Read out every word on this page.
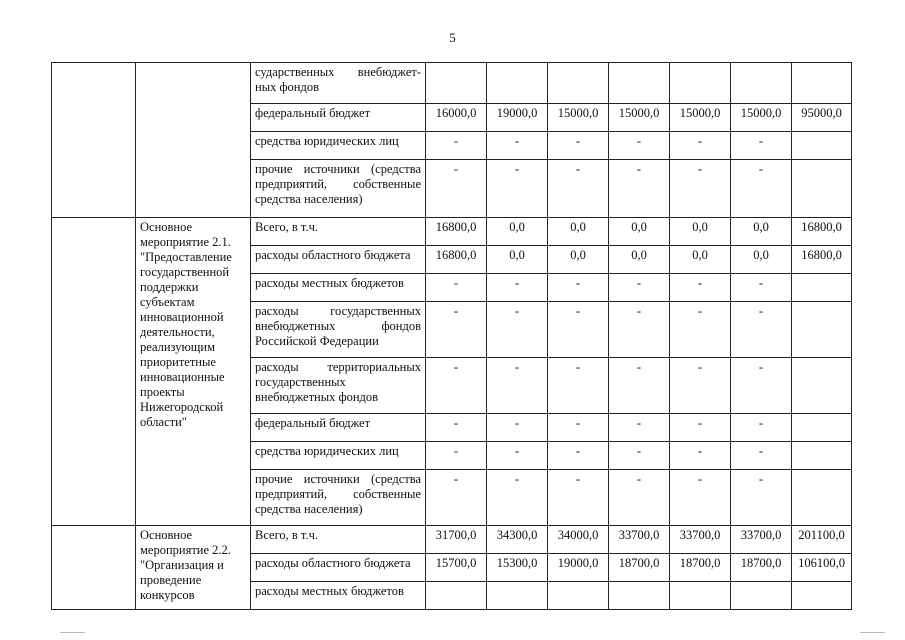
5
		сударственных внебюджет-ных фондов							
		федеральный бюджет	16000,0	19000,0	15000,0	15000,0	15000,0	15000,0	95000,0
		средства юридических лиц	-	-	-	-	-	-	
		прочие источники (средства предприятий, собственные средства населения)	-	-	-	-	-	-	
	Основное мероприятие 2.1. "Предоставление государственной поддержки субъектам инновационной деятельности, реализующим приоритетные инновационные проекты Нижегородской области"	Всего, в т.ч.	16800,0	0,0	0,0	0,0	0,0	0,0	16800,0
		расходы областного бюджета	16800,0	0,0	0,0	0,0	0,0	0,0	16800,0
		расходы местных бюджетов	-	-	-	-	-	-	
		расходы государственных внебюджетных фондов Российской Федерации	-	-	-	-	-	-	
		расходы территориальных государственных внебюджетных фондов	-	-	-	-	-	-	
		федеральный бюджет	-	-	-	-	-	-	
		средства юридических лиц	-	-	-	-	-	-	
		прочие источники (средства предприятий, собственные средства населения)	-	-	-	-	-	-	
	Основное мероприятие 2.2. "Организация и проведение конкурсов	Всего, в т.ч.	31700,0	34300,0	34000,0	33700,0	33700,0	33700,0	201100,0
		расходы областного бюджета	15700,0	15300,0	19000,0	18700,0	18700,0	18700,0	106100,0
		расходы местных бюджетов							
